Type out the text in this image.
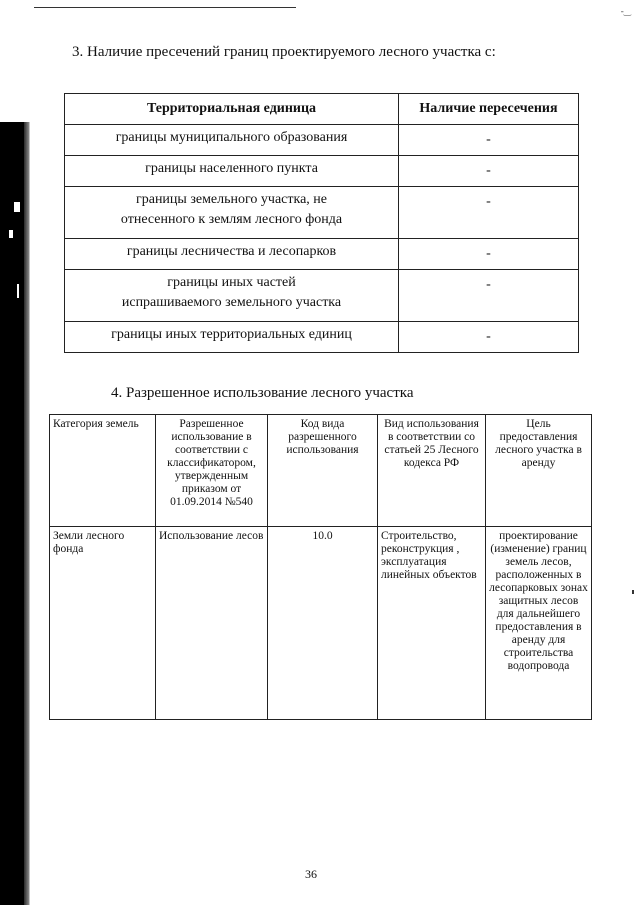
-‿
3. Наличие пресечений границ проектируемого лесного участка с:
Территориальная единица	Наличие пересечения
границы муниципального образования	-
границы населенного пункта	-
границы земельного участка, не отнесенного к землям лесного фонда	-
границы лесничества и лесопарков	-
границы иных частей испрашиваемого земельного участка	-
границы иных территориальных единиц	-
4. Разрешенное использование лесного участка
Категория земель	Разрешенное использование в соответствии с классификатором, утвержденным приказом от 01.09.2014 №540	Код вида разрешенного использования	Вид использования в соответствии со статьей 25 Лесного кодекса РФ	Цель предоставления лесного участка в аренду
Земли лесного фонда	Использование лесов	10.0	Строительство, реконструкция , эксплуатация линейных объектов	проектирование (изменение) границ земель лесов, расположенных в лесопарковых зонах защитных лесов для дальнейшего предоставления в аренду для строительства водопровода
36
